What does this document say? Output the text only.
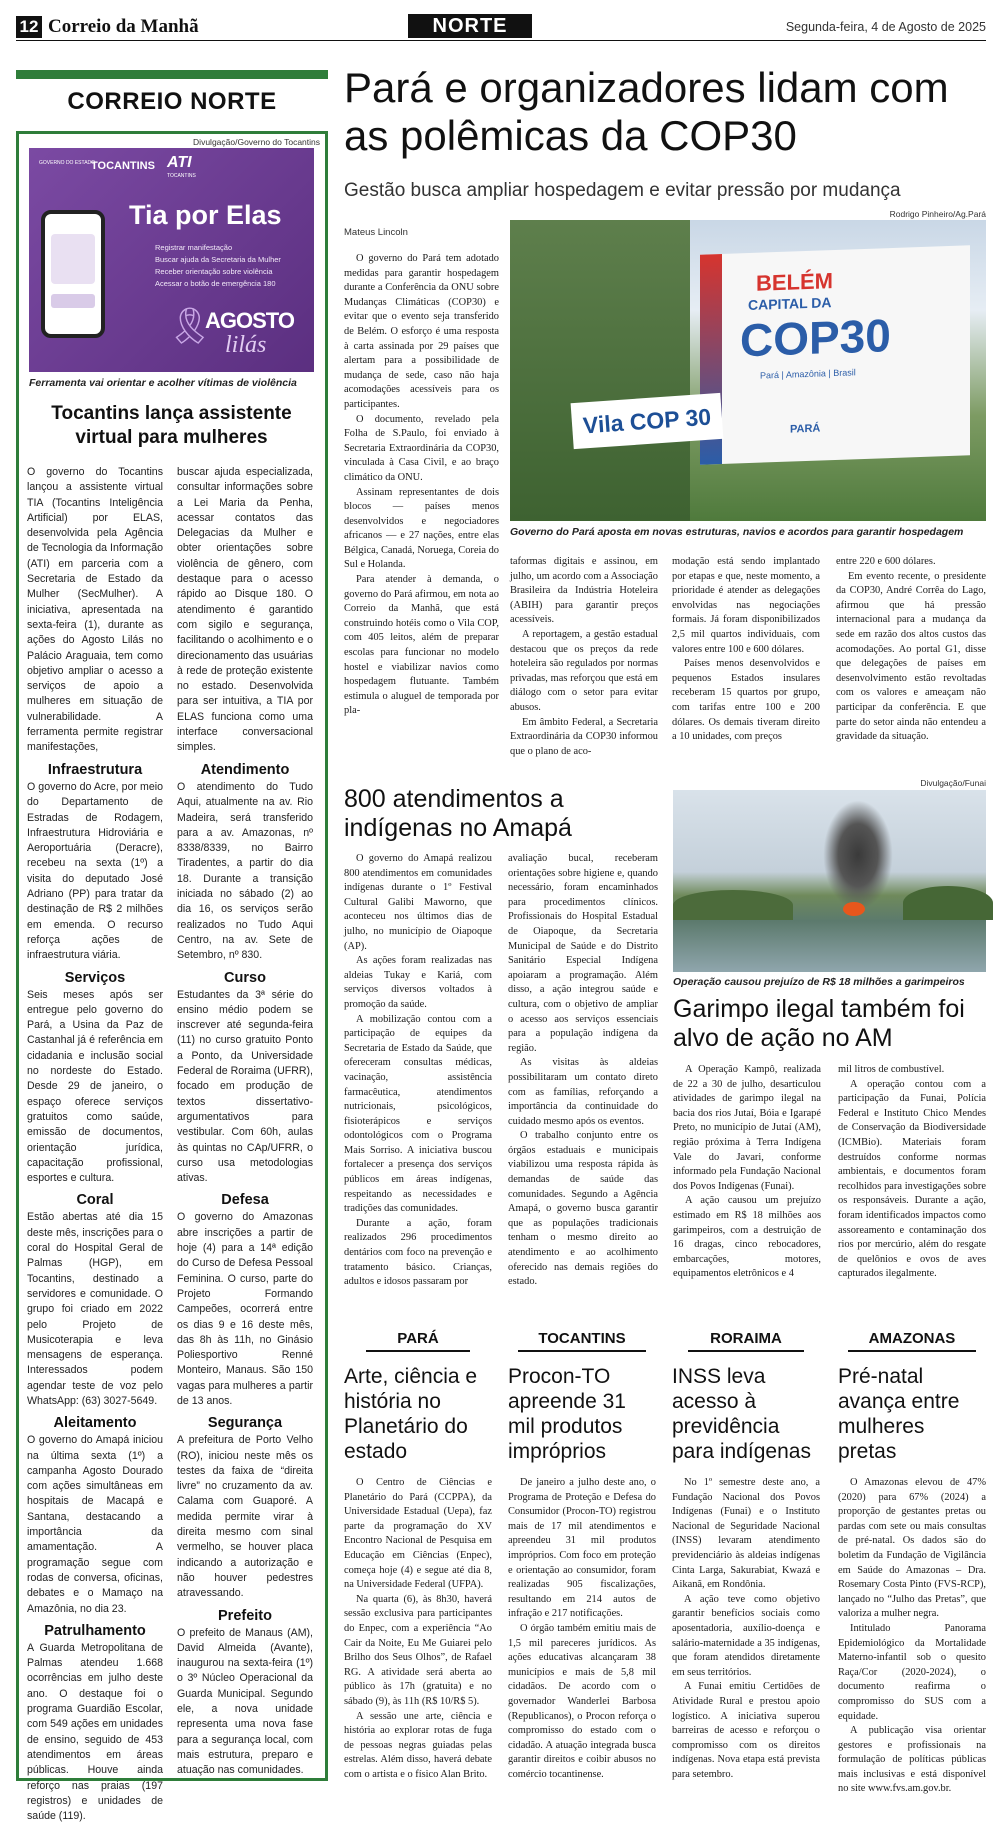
12 Correio da Manhã	NORTE	Segunda-feira, 4 de Agosto de 2025
CORREIO NORTE
Divulgação/Governo do Tocantins
GOVERNO DO ESTADO
TOCANTINS ATI
TOCANTINS
Tia por Elas
Registrar manifestação
Buscar ajuda da Secretaria da Mulher
Receber orientação sobre violência
Acessar o botão de emergência 180
🎗
AGOSTO
lilás
Ferramenta vai orientar e acolher vítimas de violência
Tocantins lança assistente virtual para mulheres

O governo do Tocantins lançou a assistente virtual TIA (Tocantins Inteligência Artificial) por ELAS, desenvolvida pela Agência de Tecnologia da Informação (ATI) em parceria com a Secretaria de Estado da Mulher (SecMulher). A iniciativa, apresentada na sexta-feira (1), durante as ações do Agosto Lilás no Palácio Araguaia, tem como objetivo ampliar o acesso a serviços de apoio a mulheres em situação de vulnerabilidade. A ferramenta permite registrar manifestações,

buscar ajuda especializada, consultar informações sobre a Lei Maria da Penha, acessar contatos das Delegacias da Mulher e obter orientações sobre violência de gênero, com destaque para o acesso rápido ao Disque 180. O atendimento é garantido com sigilo e segurança, facilitando o acolhimento e o direcionamento das usuárias à rede de proteção existente no estado. Desenvolvida para ser intuitiva, a TIA por ELAS funciona como uma interface conversacional simples.

Infraestrutura

O governo do Acre, por meio do Departamento de Estradas de Rodagem, Infraestrutura Hidroviária e Aeroportuária (Deracre), recebeu na sexta (1º) a visita do deputado José Adriano (PP) para tratar da destinação de R$ 2 milhões em emenda. O recurso reforça ações de infraestrutura viária.

Serviços

Seis meses após ser entregue pelo governo do Pará, a Usina da Paz de Castanhal já é referência em cidadania e inclusão social no nordeste do Estado. Desde 29 de janeiro, o espaço oferece serviços gratuitos como saúde, emissão de documentos, orientação jurídica, capacitação profissional, esportes e cultura.

Coral

Estão abertas até dia 15 deste mês, inscrições para o coral do Hospital Geral de Palmas (HGP), em Tocantins, destinado a servidores e comunidade. O grupo foi criado em 2022 pelo Projeto de Musicoterapia e leva mensagens de esperança. Interessados podem agendar teste de voz pelo WhatsApp: (63) 3027-5649.

Aleitamento

O governo do Amapá iniciou na última sexta (1º) a campanha Agosto Dourado com ações simultâneas em hospitais de Macapá e Santana, destacando a importância da amamentação. A programação segue com rodas de conversa, oficinas, debates e o Mamaço na Amazônia, no dia 23.

Patrulhamento

A Guarda Metropolitana de Palmas atendeu 1.668 ocorrências em julho deste ano. O destaque foi o programa Guardião Escolar, com 549 ações em unidades de ensino, seguido de 453 atendimentos em áreas públicas. Houve ainda reforço nas praias (197 registros) e unidades de saúde (119).

Atendimento

O atendimento do Tudo Aqui, atualmente na av. Rio Madeira, será transferido para a av. Amazonas, nº 8338/8339, no Bairro Tiradentes, a partir do dia 18. Durante a transição iniciada no sábado (2) ao dia 16, os serviços serão realizados no Tudo Aqui Centro, na av. Sete de Setembro, nº 830.

Curso

Estudantes da 3ª série do ensino médio podem se inscrever até segunda-feira (11) no curso gratuito Ponto a Ponto, da Universidade Federal de Roraima (UFRR), focado em produção de textos dissertativo-argumentativos para vestibular. Com 60h, aulas às quintas no CAp/UFRR, o curso usa metodologias ativas.

Defesa

O governo do Amazonas abre inscrições a partir de hoje (4) para a 14ª edição do Curso de Defesa Pessoal Feminina. O curso, parte do Projeto Formando Campeões, ocorrerá entre os dias 9 e 16 deste mês, das 8h às 11h, no Ginásio Poliesportivo Renné Monteiro, Manaus. São 150 vagas para mulheres a partir de 13 anos.

Segurança

A prefeitura de Porto Velho (RO), iniciou neste mês os testes da faixa de “direita livre” no cruzamento da av. Calama com Guaporé. A medida permite virar à direita mesmo com sinal vermelho, se houver placa indicando a autorização e não houver pedestres atravessando.

Prefeito

O prefeito de Manaus (AM), David Almeida (Avante), inaugurou na sexta-feira (1º) o 3º Núcleo Operacional da Guarda Municipal. Segundo ele, a nova unidade representa uma nova fase para a segurança local, com mais estrutura, preparo e atuação nas comunidades.

Pará e organizadores lidam com as polêmicas da COP30
Gestão busca ampliar hospedagem e evitar pressão por mudança
Rodrigo Pinheiro/Ag.Pará
Mateus Lincoln
BELÉM
CAPITAL DA
COP30
Pará | Amazônia | Brasil
PARÁ
Vila COP 30
Governo do Pará aposta em novas estruturas, navios e acordos para garantir hospedagem

O governo do Pará tem adotado medidas para garantir hospedagem durante a Conferência da ONU sobre Mudanças Climáticas (COP30) e evitar que o evento seja transferido de Belém. O esforço é uma resposta à carta assinada por 29 países que alertam para a possibilidade de mudança de sede, caso não haja acomodações acessíveis para os participantes.

O documento, revelado pela Folha de S.Paulo, foi enviado à Secretaria Extraordinária da COP30, vinculada à Casa Civil, e ao braço climático da ONU.

Assinam representantes de dois blocos — países menos desenvolvidos e negociadores africanos — e 27 nações, entre elas Bélgica, Canadá, Noruega, Coreia do Sul e Holanda.

Para atender à demanda, o governo do Pará afirmou, em nota ao Correio da Manhã, que está construindo hotéis como o Vila COP, com 405 leitos, além de preparar escolas para funcionar no modelo hostel e viabilizar navios como hospedagem flutuante. Também estimula o aluguel de temporada por pla-

taformas digitais e assinou, em julho, um acordo com a Associação Brasileira da Indústria Hoteleira (ABIH) para garantir preços acessíveis.

A reportagem, a gestão estadual destacou que os preços da rede hoteleira são regulados por normas privadas, mas reforçou que está em diálogo com o setor para evitar abusos.

Em âmbito Federal, a Secretaria Extraordinária da COP30 informou que o plano de aco-

modação está sendo implantado por etapas e que, neste momento, a prioridade é atender as delegações envolvidas nas negociações formais. Já foram disponibilizados 2,5 mil quartos individuais, com valores entre 100 e 600 dólares.

Países menos desenvolvidos e pequenos Estados insulares receberam 15 quartos por grupo, com tarifas entre 100 e 200 dólares. Os demais tiveram direito a 10 unidades, com preços

entre 220 e 600 dólares.

Em evento recente, o presidente da COP30, André Corrêa do Lago, afirmou que há pressão internacional para a mudança da sede em razão dos altos custos das acomodações. Ao portal G1, disse que delegações de países em desenvolvimento estão revoltadas com os valores e ameaçam não participar da conferência. E que parte do setor ainda não entendeu a gravidade da situação.

800 atendimentos a indígenas no Amapá

O governo do Amapá realizou 800 atendimentos em comunidades indígenas durante o 1º Festival Cultural Galibi Maworno, que aconteceu nos últimos dias de julho, no município de Oiapoque (AP).

As ações foram realizadas nas aldeias Tukay e Kariá, com serviços diversos voltados à promoção da saúde.

A mobilização contou com a participação de equipes da Secretaria de Estado da Saúde, que ofereceram consultas médicas, vacinação, assistência farmacêutica, atendimentos nutricionais, psicológicos, fisioterápicos e serviços odontológicos com o Programa Mais Sorriso. A iniciativa buscou fortalecer a presença dos serviços públicos em áreas indígenas, respeitando as necessidades e tradições das comunidades.

Durante a ação, foram realizados 296 procedimentos dentários com foco na prevenção e tratamento básico. Crianças, adultos e idosos passaram por

avaliação bucal, receberam orientações sobre higiene e, quando necessário, foram encaminhados para procedimentos clínicos. Profissionais do Hospital Estadual de Oiapoque, da Secretaria Municipal de Saúde e do Distrito Sanitário Especial Indígena apoiaram a programação. Além disso, a ação integrou saúde e cultura, com o objetivo de ampliar o acesso aos serviços essenciais para a população indígena da região.

As visitas às aldeias possibilitaram um contato direto com as famílias, reforçando a importância da continuidade do cuidado mesmo após os eventos.

O trabalho conjunto entre os órgãos estaduais e municipais viabilizou uma resposta rápida às demandas de saúde das comunidades. Segundo a Agência Amapá, o governo busca garantir que as populações tradicionais tenham o mesmo direito ao atendimento e ao acolhimento oferecido nas demais regiões do estado.

Divulgação/Funai
Operação causou prejuízo de R$ 18 milhões a garimpeiros
Garimpo ilegal também foi alvo de ação no AM

A Operação Kampô, realizada de 22 a 30 de julho, desarticulou atividades de garimpo ilegal na bacia dos rios Jutaí, Bóia e Igarapé Preto, no município de Jutaí (AM), região próxima à Terra Indígena Vale do Javari, conforme informado pela Fundação Nacional dos Povos Indígenas (Funai).

A ação causou um prejuízo estimado em R$ 18 milhões aos garimpeiros, com a destruição de 16 dragas, cinco rebocadores, embarcações, motores, equipamentos eletrônicos e 4

mil litros de combustível.

A operação contou com a participação da Funai, Polícia Federal e Instituto Chico Mendes de Conservação da Biodiversidade (ICMBio). Materiais foram destruídos conforme normas ambientais, e documentos foram recolhidos para investigações sobre os responsáveis. Durante a ação, foram identificados impactos como assoreamento e contaminação dos rios por mercúrio, além do resgate de quelônios e ovos de aves capturados ilegalmente.

PARÁ
Arte, ciência e história no Planetário do estado

O Centro de Ciências e Planetário do Pará (CCPPA), da Universidade Estadual (Uepa), faz parte da programação do XV Encontro Nacional de Pesquisa em Educação em Ciências (Enpec), começa hoje (4) e segue até dia 8, na Universidade Federal (UFPA).

Na quarta (6), às 8h30, haverá sessão exclusiva para participantes do Enpec, com a experiência “Ao Cair da Noite, Eu Me Guiarei pelo Brilho dos Seus Olhos”, de Rafael RG. A atividade será aberta ao público às 17h (gratuita) e no sábado (9), às 11h (R$ 10/R$ 5).

A sessão une arte, ciência e história ao explorar rotas de fuga de pessoas negras guiadas pelas estrelas. Além disso, haverá debate com o artista e o físico Alan Brito.

TOCANTINS
Procon-TO apreende 31 mil produtos impróprios

De janeiro a julho deste ano, o Programa de Proteção e Defesa do Consumidor (Procon-TO) registrou mais de 17 mil atendimentos e apreendeu 31 mil produtos impróprios. Com foco em proteção e orientação ao consumidor, foram realizadas 905 fiscalizações, resultando em 214 autos de infração e 217 notificações.

O órgão também emitiu mais de 1,5 mil pareceres jurídicos. As ações educativas alcançaram 38 municípios e mais de 5,8 mil cidadãos. De acordo com o governador Wanderlei Barbosa (Republicanos), o Procon reforça o compromisso do estado com o cidadão. A atuação integrada busca garantir direitos e coibir abusos no comércio tocantinense.

RORAIMA
INSS leva acesso à previdência para indígenas

No 1º semestre deste ano, a Fundação Nacional dos Povos Indígenas (Funai) e o Instituto Nacional de Seguridade Nacional (INSS) levaram atendimento previdenciário às aldeias indígenas Cinta Larga, Sakurabiat, Kwazá e Aikanã, em Rondônia.

A ação teve como objetivo garantir benefícios sociais como aposentadoria, auxílio-doença e salário-maternidade a 35 indígenas, que foram atendidos diretamente em seus territórios.

A Funai emitiu Certidões de Atividade Rural e prestou apoio logístico. A iniciativa superou barreiras de acesso e reforçou o compromisso com os direitos indígenas. Nova etapa está prevista para setembro.

AMAZONAS
Pré-natal avança entre mulheres pretas

O Amazonas elevou de 47% (2020) para 67% (2024) a proporção de gestantes pretas ou pardas com sete ou mais consultas de pré-natal. Os dados são do boletim da Fundação de Vigilância em Saúde do Amazonas – Dra. Rosemary Costa Pinto (FVS-RCP), lançado no “Julho das Pretas”, que valoriza a mulher negra.

Intitulado Panorama Epidemiológico da Mortalidade Materno-infantil sob o quesito Raça/Cor (2020-2024), o documento reafirma o compromisso do SUS com a equidade.

A publicação visa orientar gestores e profissionais na formulação de políticas públicas mais inclusivas e está disponível no site www.fvs.am.gov.br.
